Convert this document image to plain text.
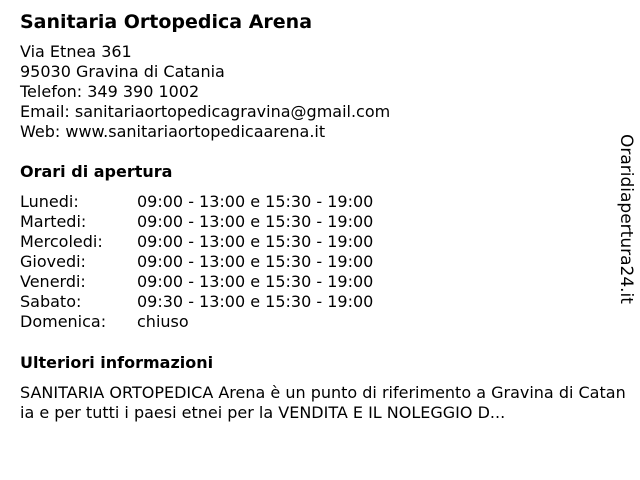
Sanitaria Ortopedica Arena
Via Etnea 361
95030 Gravina di Catania
Telefon: 349 390 1002
Email: sanitariaortopedicagravina@gmail.com
Web: www.sanitariaortopedicaarena.it
Orari di apertura
Lunedi:	09:00 - 13:00 e 15:30 - 19:00
Martedi:	09:00 - 13:00 e 15:30 - 19:00
Mercoledi:	09:00 - 13:00 e 15:30 - 19:00
Giovedi:	09:00 - 13:00 e 15:30 - 19:00
Venerdi:	09:00 - 13:00 e 15:30 - 19:00
Sabato:	09:30 - 13:00 e 15:30 - 19:00
Domenica:	chiuso
Ulteriori informazioni
SANITARIA ORTOPEDICA Arena è un punto di riferimento a Gravina di Catania e per tutti i paesi etnei per la VENDITA E IL NOLEGGIO D...
Oraridiapertura24.it
